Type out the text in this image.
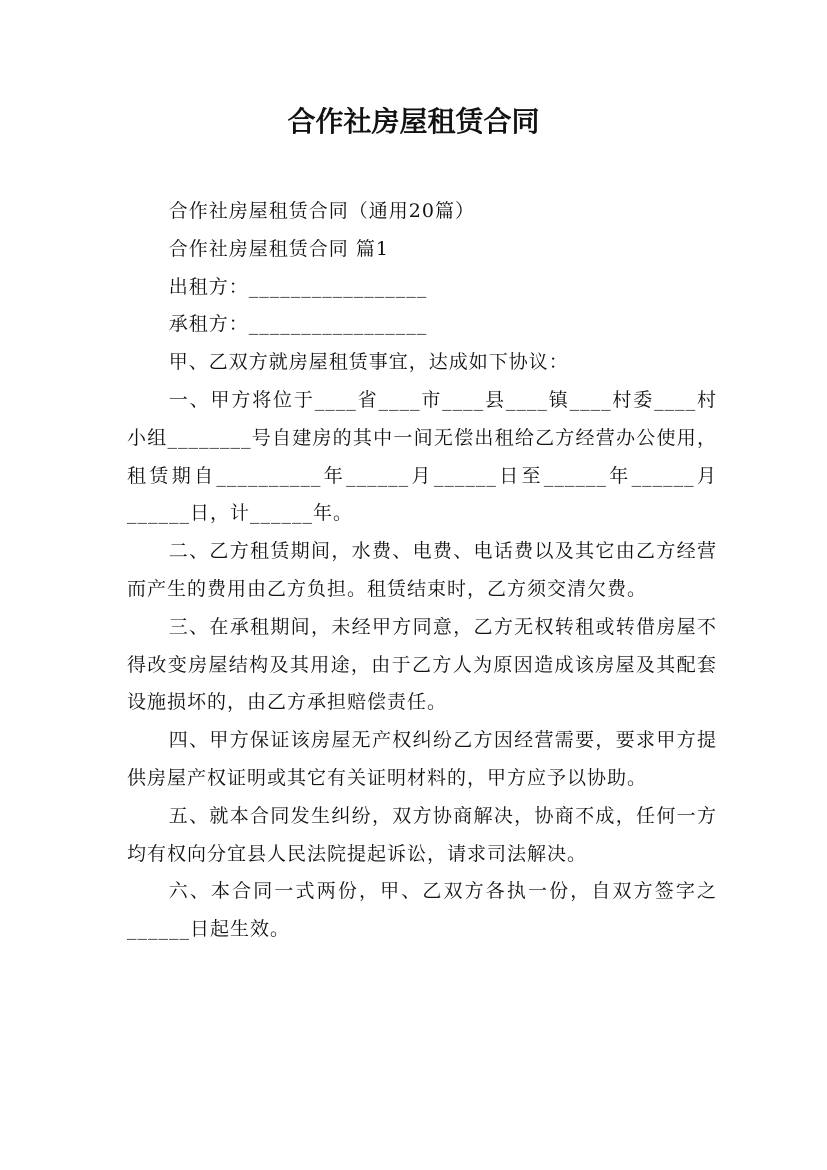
合作社房屋租赁合同

合作社房屋租赁合同（通用20篇）

合作社房屋租赁合同 篇1

出租方：_________________

承租方：_________________

甲、乙双方就房屋租赁事宜，达成如下协议：

一、甲方将位于____省____市____县____镇____村委____村小组________号自建房的其中一间无偿出租给乙方经营办公使用，租赁期自__________年______月______日至______年______月______日，计______年。

二、乙方租赁期间，水费、电费、电话费以及其它由乙方经营而产生的费用由乙方负担。租赁结束时，乙方须交清欠费。

三、在承租期间，未经甲方同意，乙方无权转租或转借房屋不得改变房屋结构及其用途，由于乙方人为原因造成该房屋及其配套设施损坏的，由乙方承担赔偿责任。

四、甲方保证该房屋无产权纠纷乙方因经营需要，要求甲方提供房屋产权证明或其它有关证明材料的，甲方应予以协助。

五、就本合同发生纠纷，双方协商解决，协商不成，任何一方均有权向分宜县人民法院提起诉讼，请求司法解决。

六、本合同一式两份，甲、乙双方各执一份，自双方签字之______日起生效。
